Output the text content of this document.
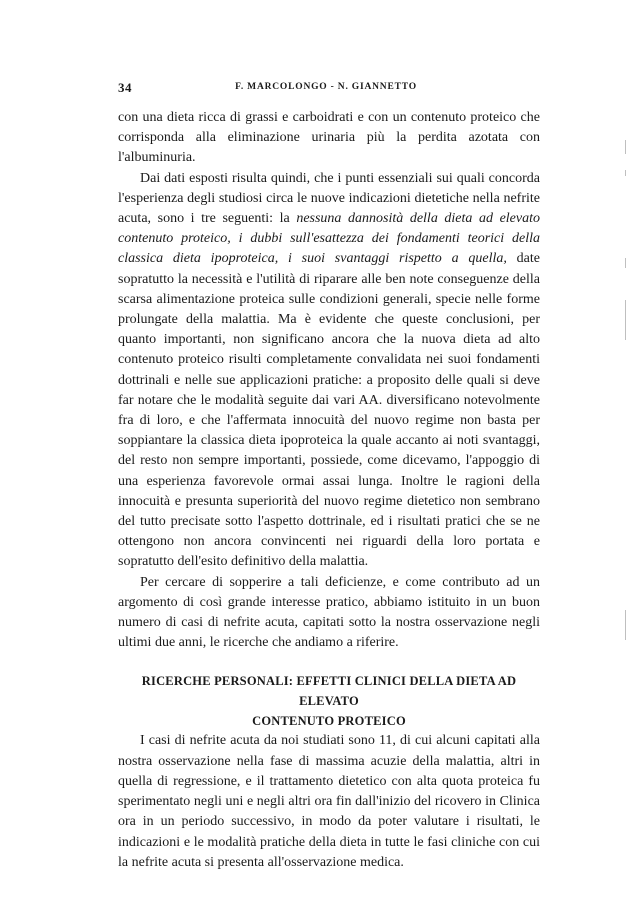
34	F. MARCOLONGO - N. GIANNETTO

con una dieta ricca di grassi e carboidrati e con un contenuto proteico che corrisponda alla eliminazione urinaria più la perdita azotata con l'albuminuria.

Dai dati esposti risulta quindi, che i punti essenziali sui quali concorda l'esperienza degli studiosi circa le nuove indicazioni dietetiche nella nefrite acuta, sono i tre seguenti: la nessuna dannosità della dieta ad elevato contenuto proteico, i dubbi sull'esattezza dei fondamenti teorici della classica dieta ipoproteica, i suoi svantaggi rispetto a quella, date sopratutto la necessità e l'utilità di riparare alle ben note conseguenze della scarsa alimentazione proteica sulle condizioni generali, specie nelle forme prolungate della malattia. Ma è evidente che queste conclusioni, per quanto importanti, non significano ancora che la nuova dieta ad alto contenuto proteico risulti completamente convalidata nei suoi fondamenti dottrinali e nelle sue applicazioni pratiche: a proposito delle quali si deve far notare che le modalità seguite dai vari AA. diversificano notevolmente fra di loro, e che l'affermata innocuità del nuovo regime non basta per soppiantare la classica dieta ipoproteica la quale accanto ai noti svantaggi, del resto non sempre importanti, possiede, come dicevamo, l'appoggio di una esperienza favorevole ormai assai lunga. Inoltre le ragioni della innocuità e presunta superiorità del nuovo regime dietetico non sembrano del tutto precisate sotto l'aspetto dottrinale, ed i risultati pratici che se ne ottengono non ancora convincenti nei riguardi della loro portata e sopratutto dell'esito definitivo della malattia.

Per cercare di sopperire a tali deficienze, e come contributo ad un argomento di così grande interesse pratico, abbiamo istituito in un buon numero di casi di nefrite acuta, capitati sotto la nostra osservazione negli ultimi due anni, le ricerche che andiamo a riferire.

RICERCHE PERSONALI: EFFETTI CLINICI DELLA DIETA AD ELEVATO
CONTENUTO PROTEICO

I casi di nefrite acuta da noi studiati sono 11, di cui alcuni capitati alla nostra osservazione nella fase di massima acuzie della malattia, altri in quella di regressione, e il trattamento dietetico con alta quota proteica fu sperimentato negli uni e negli altri ora fin dall'inizio del ricovero in Clinica ora in un periodo successivo, in modo da poter valutare i risultati, le indicazioni e le modalità pratiche della dieta in tutte le fasi cliniche con cui la nefrite acuta si presenta all'osservazione medica.
